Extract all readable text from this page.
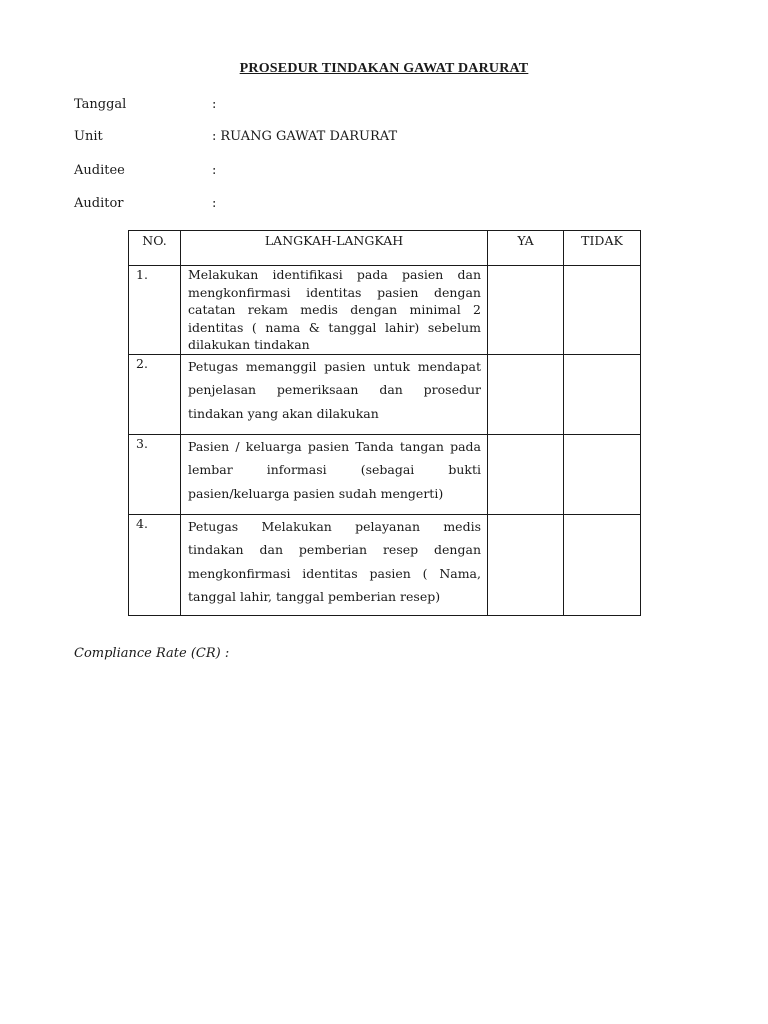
PROSEDUR TINDAKAN GAWAT DARURAT
Tanggal	:
Unit	: RUANG GAWAT DARURAT
Auditee	:
Auditor	:
NO.	LANGKAH-LANGKAH	YA	TIDAK

1.	Melakukan identifikasi pada pasien dan mengkonfirmasi identitas pasien dengan catatan rekam medis dengan minimal 2 identitas ( nama & tanggal lahir) sebelum dilakukan tindakan		

2.	Petugas memanggil pasien untuk mendapat penjelasan pemeriksaan dan prosedur tindakan yang akan dilakukan		

3.	Pasien / keluarga pasien Tanda tangan pada lembar informasi (sebagai bukti pasien/keluarga pasien sudah mengerti)		

4.	Petugas Melakukan pelayanan medis tindakan dan pemberian resep dengan mengkonfirmasi identitas pasien ( Nama, tanggal lahir, tanggal pemberian resep)		

Compliance Rate (CR) :
